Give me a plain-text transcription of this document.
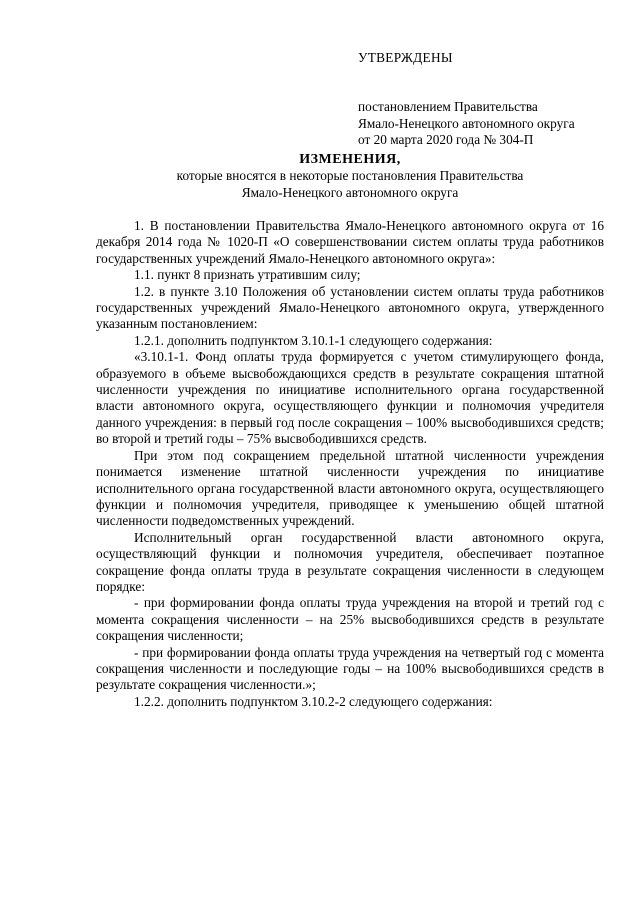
УТВЕРЖДЕНЫ

постановлением Правительства

Ямало-Ненецкого автономного округа

от 20 марта 2020 года № 304-П

ИЗМЕНЕНИЯ,

которые вносятся в некоторые постановления Правительства

Ямало-Ненецкого автономного округа

1. В постановлении Правительства Ямало-Ненецкого автономного округа от 16 декабря 2014 года № 1020-П «О совершенствовании систем оплаты труда работников государственных учреждений Ямало-Ненецкого автономного округа»:

1.1. пункт 8 признать утратившим силу;

1.2. в пункте 3.10 Положения об установлении систем оплаты труда работников государственных учреждений Ямало-Ненецкого автономного округа, утвержденного указанным постановлением:

1.2.1. дополнить подпунктом 3.10.1-1 следующего содержания:

«3.10.1-1. Фонд оплаты труда формируется с учетом стимулирующего фонда, образуемого в объеме высвобождающихся средств в результате сокращения штатной численности учреждения по инициативе исполнительного органа государственной власти автономного округа, осуществляющего функции и полномочия учредителя данного учреждения: в первый год после сокращения – 100% высвободившихся средств; во второй и третий годы – 75% высвободившихся средств.

При этом под сокращением предельной штатной численности учреждения понимается изменение штатной численности учреждения по инициативе исполнительного органа государственной власти автономного округа, осуществляющего функции и полномочия учредителя, приводящее к уменьшению общей штатной численности подведомственных учреждений.

Исполнительный орган государственной власти автономного округа, осуществляющий функции и полномочия учредителя, обеспечивает поэтапное сокращение фонда оплаты труда в результате сокращения численности в следующем порядке:

- при формировании фонда оплаты труда учреждения на второй и третий год с момента сокращения численности – на 25% высвободившихся средств в результате сокращения численности;

- при формировании фонда оплаты труда учреждения на четвертый год с момента сокращения численности и последующие годы – на 100% высвободившихся средств в результате сокращения численности.»;

1.2.2. дополнить подпунктом 3.10.2-2 следующего содержания:
